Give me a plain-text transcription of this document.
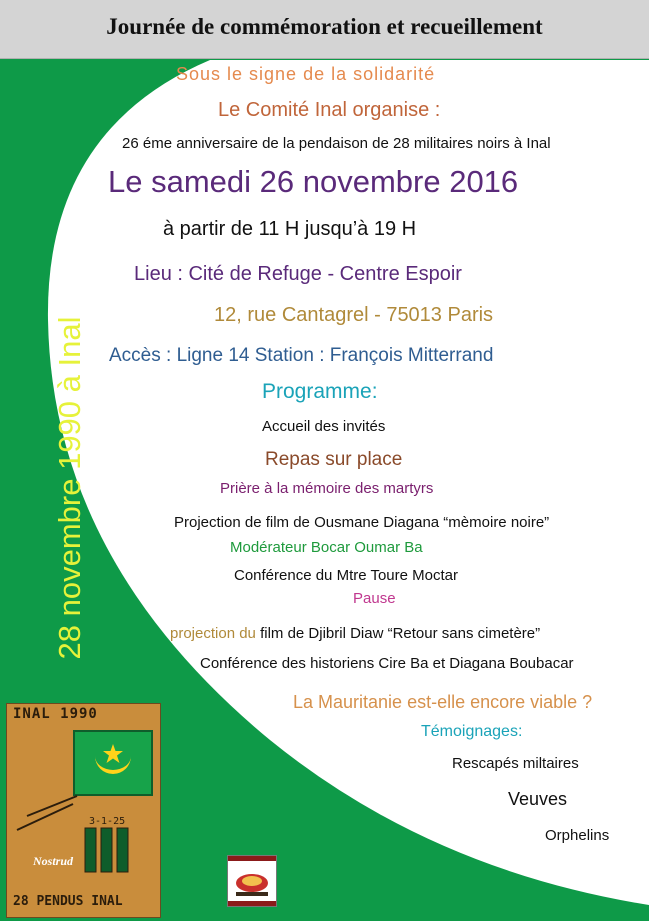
Journée de commémoration et recueillement
Sous le signe de la solidarité
Le Comité Inal organise :
26 éme anniversaire de la pendaison de 28 militaires noirs à Inal
Le samedi 26 novembre 2016
à partir de 11 H jusqu’à 19 H
Lieu : Cité de Refuge - Centre Espoir
12, rue Cantagrel - 75013 Paris
Accès : Ligne 14 Station : François Mitterrand
Programme:
Accueil des invités
Repas sur place
Prière à la mémoire des martyrs
Projection de film de Ousmane Diagana “mèmoire noire”
Modérateur Bocar Oumar Ba
Conférence du Mtre Toure Moctar
Pause
projection du film de Djibril Diaw “Retour sans cimetère”
Conférence des historiens Cire Ba et Diagana Boubacar
La Mauritanie est-elle encore viable ?
Témoignages:
Rescapés miltaires
Veuves
Orphelins
28 novembre 1990 à Inal
INAL 1990
3-1-25
Nostrud
28 PENDUS INAL
